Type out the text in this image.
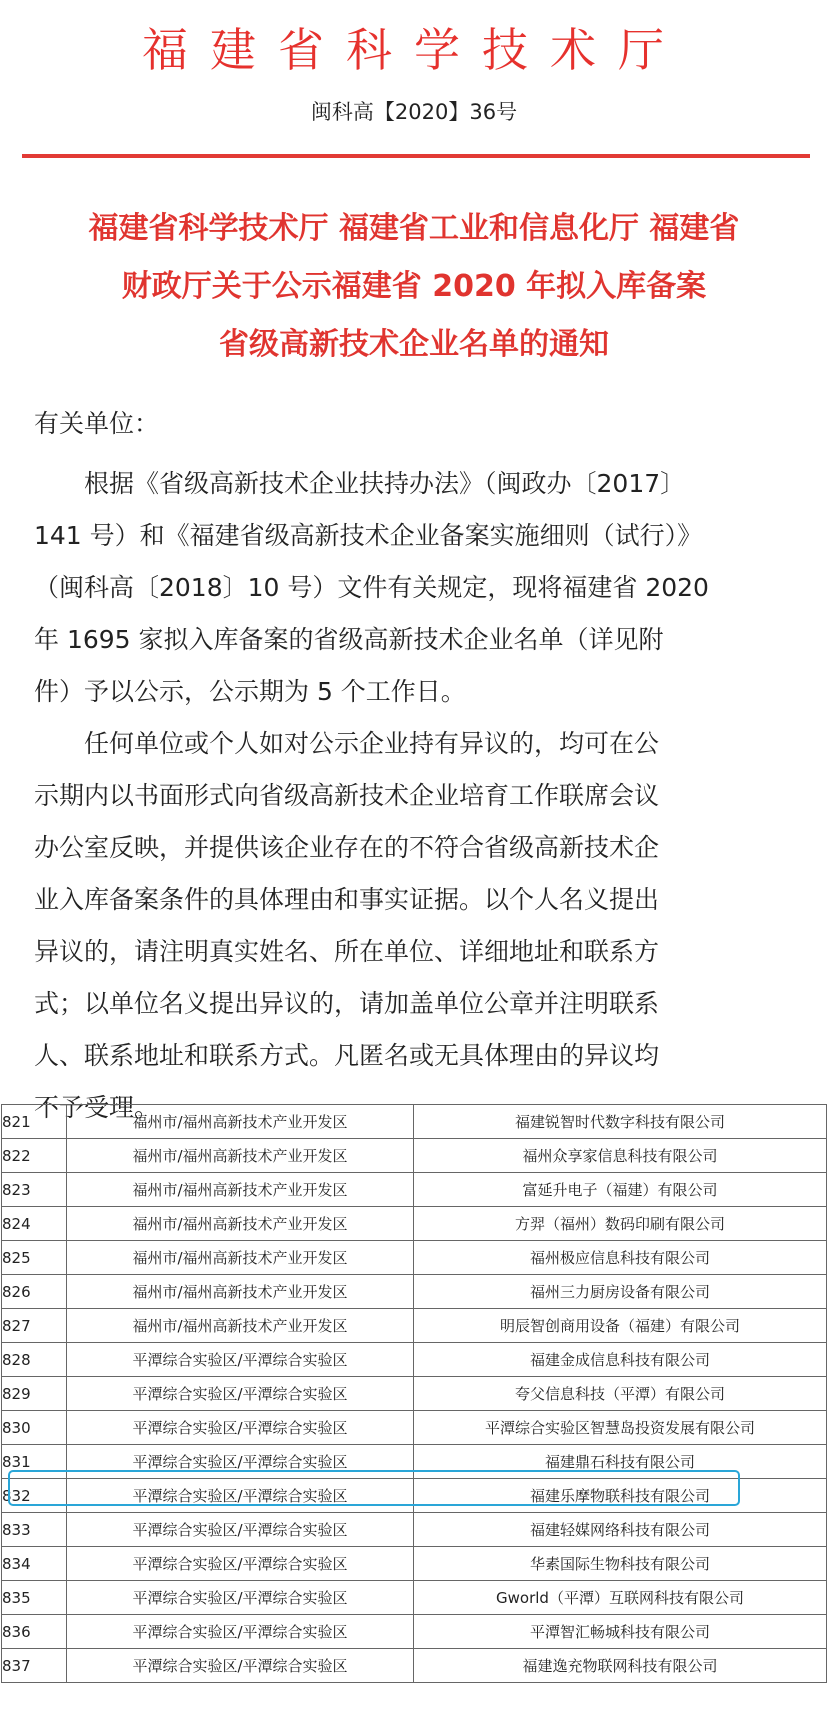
福建省科学技术厅
闽科高【2020】36号
福建省科学技术厅 福建省工业和信息化厅 福建省
财政厅关于公示福建省 2020 年拟入库备案
省级高新技术企业名单的通知
有关单位：
　　根据《省级高新技术企业扶持办法》（闽政办〔2017〕
141 号）和《福建省级高新技术企业备案实施细则（试行）》
（闽科高〔2018〕10 号）文件有关规定，现将福建省 2020
年 1695 家拟入库备案的省级高新技术企业名单（详见附
件）予以公示，公示期为 5 个工作日。
　　任何单位或个人如对公示企业持有异议的，均可在公
示期内以书面形式向省级高新技术企业培育工作联席会议
办公室反映，并提供该企业存在的不符合省级高新技术企
业入库备案条件的具体理由和事实证据。以个人名义提出
异议的，请注明真实姓名、所在单位、详细地址和联系方
式；以单位名义提出异议的，请加盖单位公章并注明联系
人、联系地址和联系方式。凡匿名或无具体理由的异议均
不予受理。
821	福州市/福州高新技术产业开发区	福建锐智时代数字科技有限公司
822	福州市/福州高新技术产业开发区	福州众享家信息科技有限公司
823	福州市/福州高新技术产业开发区	富延升电子（福建）有限公司
824	福州市/福州高新技术产业开发区	方羿（福州）数码印刷有限公司
825	福州市/福州高新技术产业开发区	福州极应信息科技有限公司
826	福州市/福州高新技术产业开发区	福州三力厨房设备有限公司
827	福州市/福州高新技术产业开发区	明辰智创商用设备（福建）有限公司
828	平潭综合实验区/平潭综合实验区	福建金成信息科技有限公司
829	平潭综合实验区/平潭综合实验区	夸父信息科技（平潭）有限公司
830	平潭综合实验区/平潭综合实验区	平潭综合实验区智慧岛投资发展有限公司
831	平潭综合实验区/平潭综合实验区	福建鼎石科技有限公司
832	平潭综合实验区/平潭综合实验区	福建乐摩物联科技有限公司
833	平潭综合实验区/平潭综合实验区	福建轻媒网络科技有限公司
834	平潭综合实验区/平潭综合实验区	华素国际生物科技有限公司
835	平潭综合实验区/平潭综合实验区	Gworld（平潭）互联网科技有限公司
836	平潭综合实验区/平潭综合实验区	平潭智汇畅城科技有限公司
837	平潭综合实验区/平潭综合实验区	福建逸充物联网科技有限公司
